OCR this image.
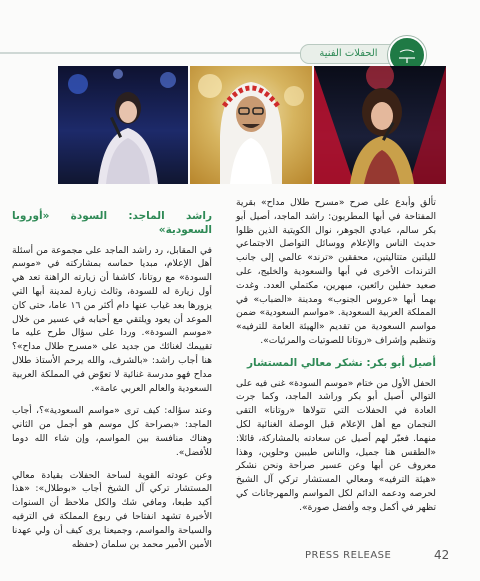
الحفلات الفنية

تألق وأبدع على صرح «مسرح طلال مداح» بقرية المفتاحة في أبها المطربون: راشد الماجد، أصيل أبو بكر سالم، عبادي الجوهر، نوال الكويتية الذين ظلوا حديث الناس والإعلام ووسائل التواصل الاجتماعي لليلتين متتاليتين، محققين «ترند» عالمي إلى جانب الترندات الأخرى في أبها والسعودية والخليج، على صعيد حفلين رائعين، مبهرين، مكتملي العدد. وغدت بهما أبها «عروس الجنوب» ومدينة «الضباب» في المملكة العربية السعودية. «مواسم السعودية» ضمن مواسم السعودية من تقديم «الهيئة العامة للترفيه» وتنظيم وإشراف «روتانا للصوتيات والمرئيات».

أصيل أبو بكر: نشكر معالي المستشار

الحفل الأول من ختام «موسم السودة» غنى فيه على التوالي أصيل أبو بكر وراشد الماجد، وكما جرت العادة في الحفلات التي تتولاها «روتانا» التقى النجمان مع أهل الإعلام قبل الوصلة الغنائية لكل منهما. فعبّر لهم أصيل عن سعادته بالمشاركة، قائلا: «الطقس هنا جميل، والناس طيبين وحلوين، وهذا معروف عن أبها وعن عسير صراحة ونحن نشكر «هيئة الترفيه» ومعالي المستشار تركي آل الشيخ لحرصه ودعمه الدائم لكل المواسم والمهرجانات كي تظهر في أكمل وجه وأفضل صورة».

راشد الماجد: السودة «أوروبا السعودية»

في المقابل، رد راشد الماجد على مجموعة من أسئلة أهل الإعلام، مبديا حماسه بمشاركته في «موسم السودة» مع روتانا، كاشفا أن زيارته الراهنة تعد هي أول زيارة له للسودة، وثالث زيارة لمدينة أبها التي يزورها بعد غياب عنها دام أكثر من ١٦ عاما، حتى كان الموعد أن يعود ويلتقي مع أحبابه في عسير من خلال «موسم السودة». وردا على سؤال طرح عليه ما تقييمك لغنائك من جديد على «مسرح طلال مداح»؟ هنا أجاب راشد: «بالشرف، والله يرحم الأستاذ طلال مداح فهو مدرسة غنائية لا تعوّض في المملكة العربية السعودية والعالم العربي عامة».

وعند سؤاله: كيف ترى «مواسم السعودية»؟، أجاب الماجد: «بصراحة كل موسم هو أجمل من الثاني وهناك منافسة بين المواسم، وإن شاء الله دوما للأفضل».

وعن عودته القوية لساحة الحفلات بقيادة معالي المستشار تركي آل الشيخ أجاب «بوطلال»: «هذا أكيد طبعا، ومافي شك والكل ملاحظ أن السنوات الأخيرة تشهد انفتاحا في ربوع المملكة في الترفيه والسياحة والمواسم، وجميعنا يرى كيف أن ولي عهدنا الأمين الأمير محمد بن سلمان (حفظه

PRESS RELEASE	42
